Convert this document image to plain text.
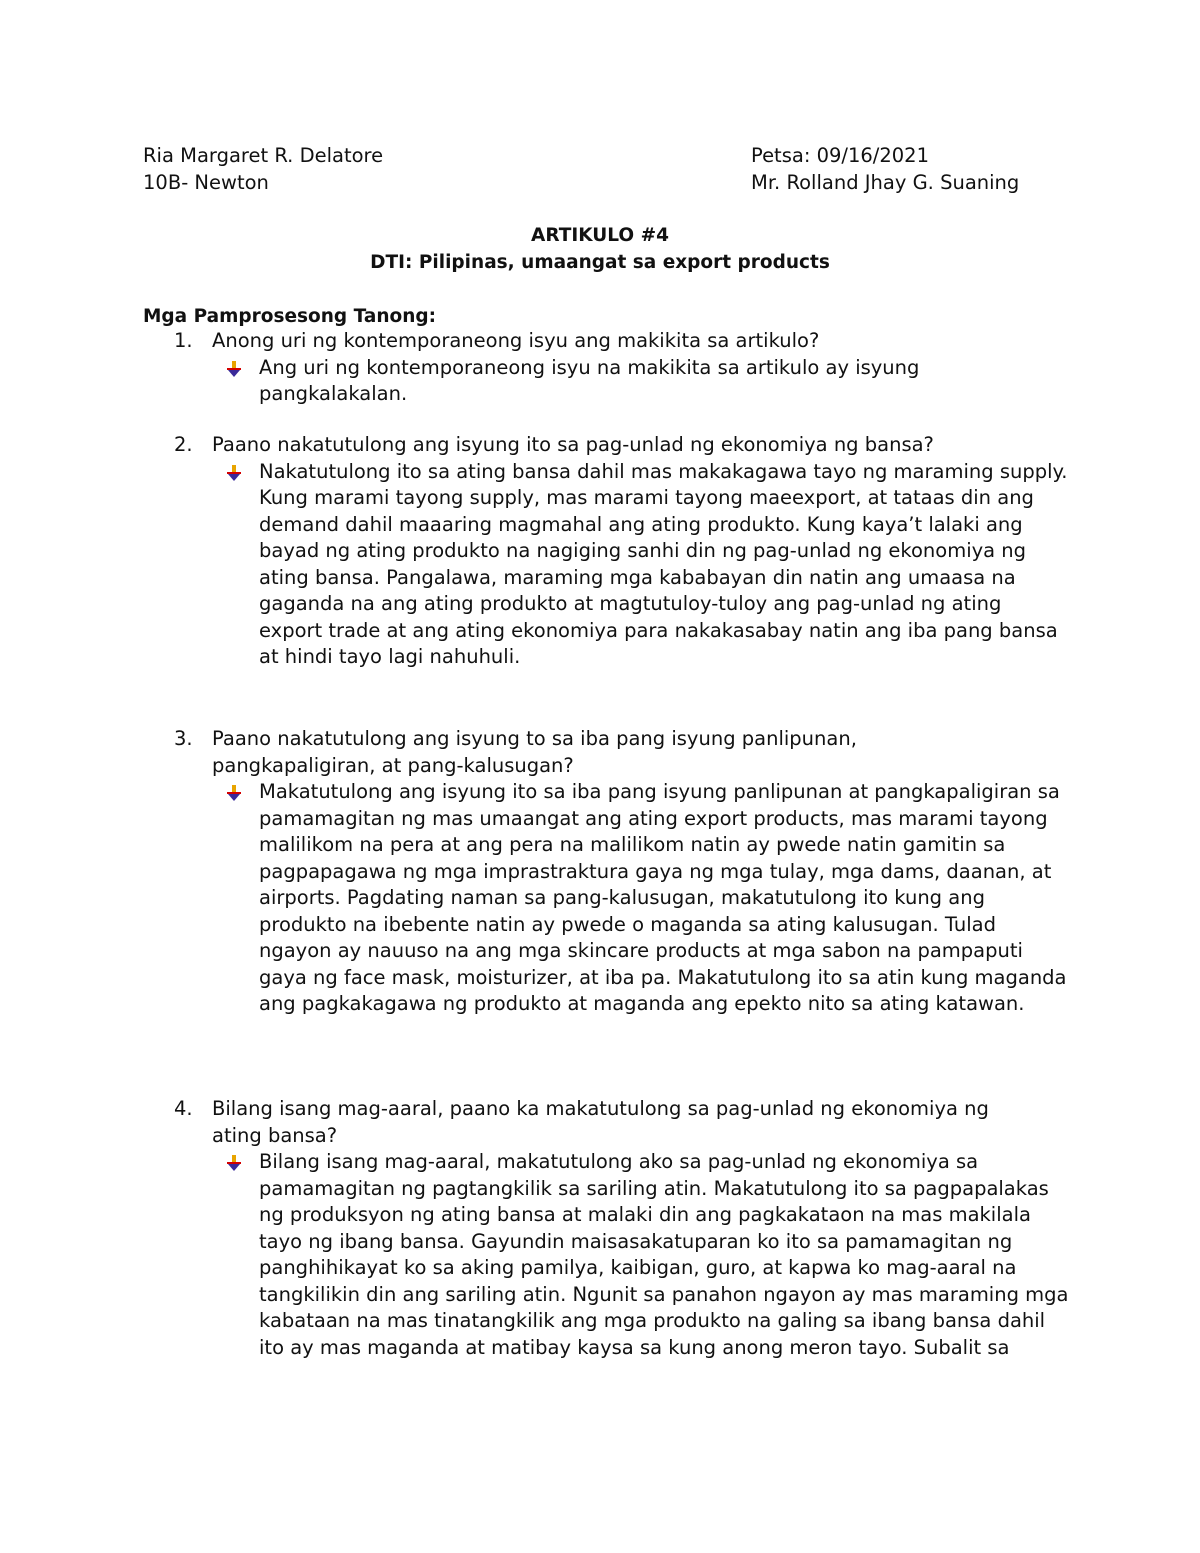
Ria Margaret R. Delatore	Petsa: 09/16/2021
10B- Newton	Mr. Rolland Jhay G. Suaning
ARTIKULO #4
DTI: Pilipinas, umaangat sa export products
Mga Pamprosesong Tanong:
1. Anong uri ng kontemporaneong isyu ang makikita sa artikulo?
Ang uri ng kontemporaneong isyu na makikita sa artikulo ay isyung pangkalakalan.
2. Paano nakatutulong ang isyung ito sa pag-unlad ng ekonomiya ng bansa?
Nakatutulong ito sa ating bansa dahil mas makakagawa tayo ng maraming supply. Kung marami tayong supply, mas marami tayong maeexport, at tataas din ang demand dahil maaaring magmahal ang ating produkto. Kung kaya’t lalaki ang bayad ng ating produkto na nagiging sanhi din ng pag-unlad ng ekonomiya ng ating bansa. Pangalawa, maraming mga kababayan din natin ang umaasa na gaganda na ang ating produkto at magtutuloy-tuloy ang pag-unlad ng ating export trade at ang ating ekonomiya para nakakasabay natin ang iba pang bansa at hindi tayo lagi nahuhuli.
3. Paano nakatutulong ang isyung to sa iba pang isyung panlipunan, pangkapaligiran, at pang-kalusugan?
Makatutulong ang isyung ito sa iba pang isyung panlipunan at pangkapaligiran sa pamamagitan ng mas umaangat ang ating export products, mas marami tayong malilikom na pera at ang pera na malilikom natin ay pwede natin gamitin sa pagpapagawa ng mga imprastraktura gaya ng mga tulay, mga dams, daanan, at airports. Pagdating naman sa pang-kalusugan, makatutulong ito kung ang produkto na ibebente natin ay pwede o maganda sa ating kalusugan. Tulad ngayon ay nauuso na ang mga skincare products at mga sabon na pampaputi gaya ng face mask, moisturizer, at iba pa. Makatutulong ito sa atin kung maganda ang pagkakagawa ng produkto at maganda ang epekto nito sa ating katawan.
4. Bilang isang mag-aaral, paano ka makatutulong sa pag-unlad ng ekonomiya ng ating bansa?
Bilang isang mag-aaral, makatutulong ako sa pag-unlad ng ekonomiya sa pamamagitan ng pagtangkilik sa sariling atin. Makatutulong ito sa pagpapalakas ng produksyon ng ating bansa at malaki din ang pagkakataon na mas makilala tayo ng ibang bansa. Gayundin maisasakatuparan ko ito sa pamamagitan ng panghihikayat ko sa aking pamilya, kaibigan, guro, at kapwa ko mag-aaral na tangkilikin din ang sariling atin. Ngunit sa panahon ngayon ay mas maraming mga kabataan na mas tinatangkilik ang mga produkto na galing sa ibang bansa dahil ito ay mas maganda at matibay kaysa sa kung anong meron tayo. Subalit sa
